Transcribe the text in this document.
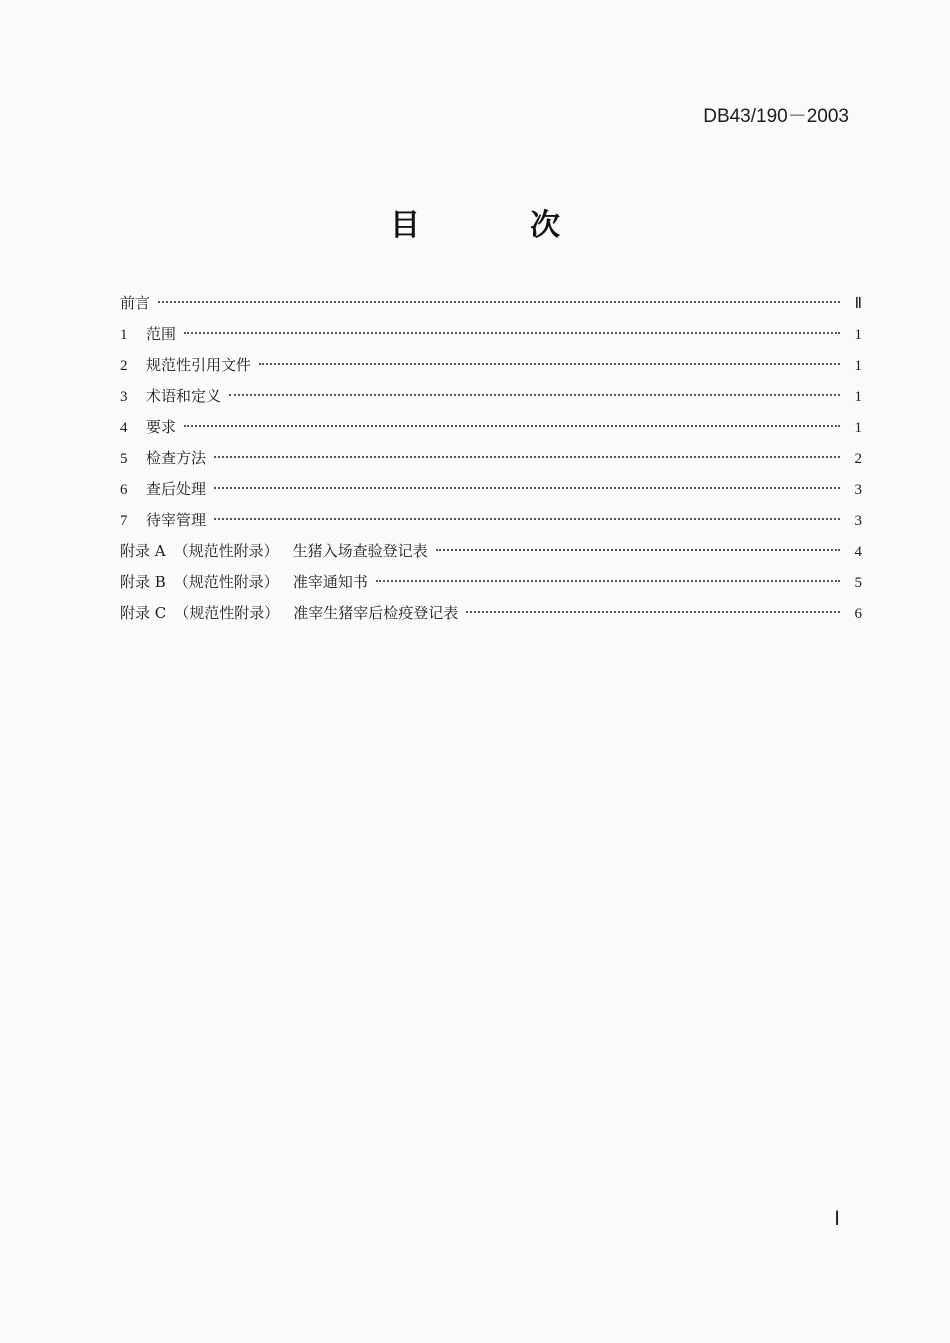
DB43/190－2003
目次
前言	Ⅱ
1	范围	1
2	规范性引用文件	1
3	术语和定义	1
4	要求	1
5	检查方法	2
6	查后处理	3
7	待宰管理	3
附录 A （规范性附录） 生猪入场查验登记表	4
附录 B （规范性附录） 准宰通知书	5
附录 C （规范性附录） 准宰生猪宰后检疫登记表	6
Ⅰ
